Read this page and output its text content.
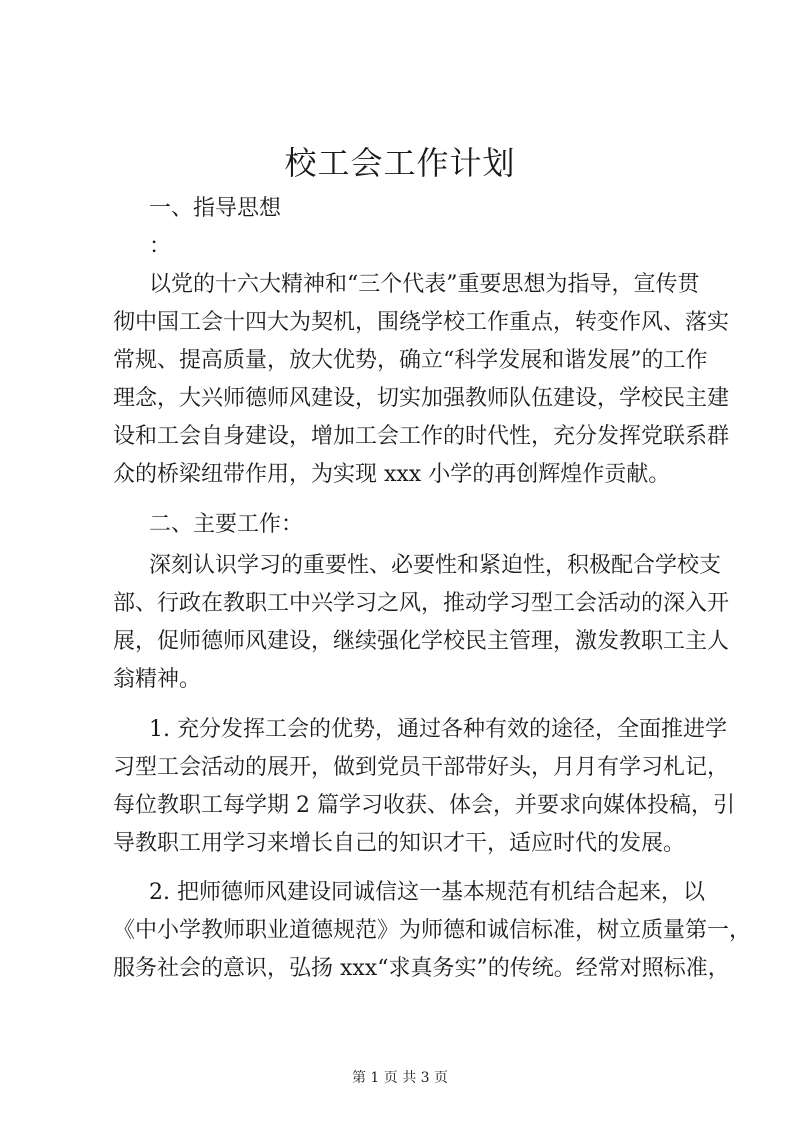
校工会工作计划
一、指导思想
：
以党的十六大精神和“三个代表”重要思想为指导，宣传贯
彻中国工会十四大为契机，围绕学校工作重点，转变作风、落实
常规、提高质量，放大优势，确立“科学发展和谐发展”的工作
理念，大兴师德师风建设，切实加强教师队伍建设，学校民主建
设和工会自身建设，增加工会工作的时代性，充分发挥党联系群
众的桥梁纽带作用，为实现 xxx 小学的再创辉煌作贡献。
二、主要工作：
深刻认识学习的重要性、必要性和紧迫性，积极配合学校支
部、行政在教职工中兴学习之风，推动学习型工会活动的深入开
展，促师德师风建设，继续强化学校民主管理，激发教职工主人
翁精神。
1. 充分发挥工会的优势，通过各种有效的途径，全面推进学
习型工会活动的展开，做到党员干部带好头，月月有学习札记，
每位教职工每学期 2 篇学习收获、体会，并要求向媒体投稿，引
导教职工用学习来增长自己的知识才干，适应时代的发展。
2. 把师德师风建设同诚信这一基本规范有机结合起来，以
《中小学教师职业道德规范》为师德和诚信标准，树立质量第一，
服务社会的意识，弘扬 xxx“求真务实”的传统。经常对照标准，
第 1 页 共 3 页
